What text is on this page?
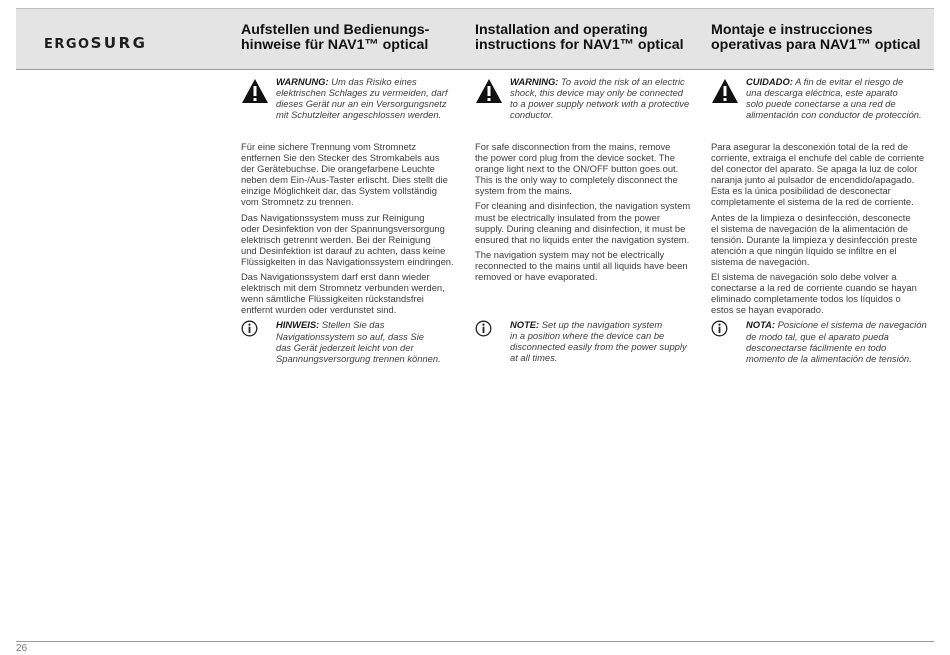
ERGOSURG
Aufstellen und Bedienungs-
hinweise für NAV1™ optical
Installation and operating
instructions for NAV1™ optical
Montaje e instrucciones
operativas para NAV1™ optical
WARNUNG: Um das Risiko eines
elektrischen Schlages zu vermeiden, darf
dieses Gerät nur an ein Versorgungsnetz
mit Schutzleiter angeschlossen werden.

Für eine sichere Trennung vom Stromnetz
entfernen Sie den Stecker des Stromkabels aus
der Gerätebuchse. Die orangefarbene Leuchte
neben dem Ein-/Aus-Taster erlischt. Dies stellt die
einzige Möglichkeit dar, das System vollständig
vom Stromnetz zu trennen.

Das Navigationssystem muss zur Reinigung
oder Desinfektion von der Spannungsversorgung
elektrisch getrennt werden. Bei der Reinigung
und Desinfektion ist darauf zu achten, dass keine
Flüssigkeiten in das Navigationssystem eindringen.

Das Navigationssystem darf erst dann wieder
elektrisch mit dem Stromnetz verbunden werden,
wenn sämtliche Flüssigkeiten rückstandsfrei
entfernt wurden oder verdunstet sind.

HINWEIS: Stellen Sie das
Navigationssystem so auf, dass Sie
das Gerät jederzeit leicht von der
Spannungsversorgung trennen können.
WARNING: To avoid the risk of an electric
shock, this device may only be connected
to a power supply network with a protective
conductor.

For safe disconnection from the mains, remove
the power cord plug from the device socket. The
orange light next to the ON/OFF button goes out.
This is the only way to completely disconnect the
system from the mains.

For cleaning and disinfection, the navigation system
must be electrically insulated from the power
supply. During cleaning and disinfection, it must be
ensured that no liquids enter the navigation system.

The navigation system may not be electrically
reconnected to the mains until all liquids have been
removed or have evaporated.

NOTE: Set up the navigation system
in a position where the device can be
disconnected easily from the power supply
at all times.
CUIDADO: A fin de evitar el riesgo de
una descarga eléctrica, este aparato
solo puede conectarse a una red de
alimentación con conductor de protección.

Para asegurar la desconexión total de la red de
corriente, extraiga el enchufe del cable de corriente
del conector del aparato. Se apaga la luz de color
naranja junto al pulsador de encendido/apagado.
Esta es la única posibilidad de desconectar
completamente el sistema de la red de corriente.

Antes de la limpieza o desinfección, desconecte
el sistema de navegación de la alimentación de
tensión. Durante la limpieza y desinfección preste
atención a que ningún líquido se infiltre en el
sistema de navegación.

El sistema de navegación solo debe volver a
conectarse a la red de corriente cuando se hayan
eliminado completamente todos los líquidos o
estos se hayan evaporado.

NOTA: Posicione el sistema de navegación
de modo tal, que el aparato pueda
desconectarse fácilmente en todo
momento de la alimentación de tensión.
26
